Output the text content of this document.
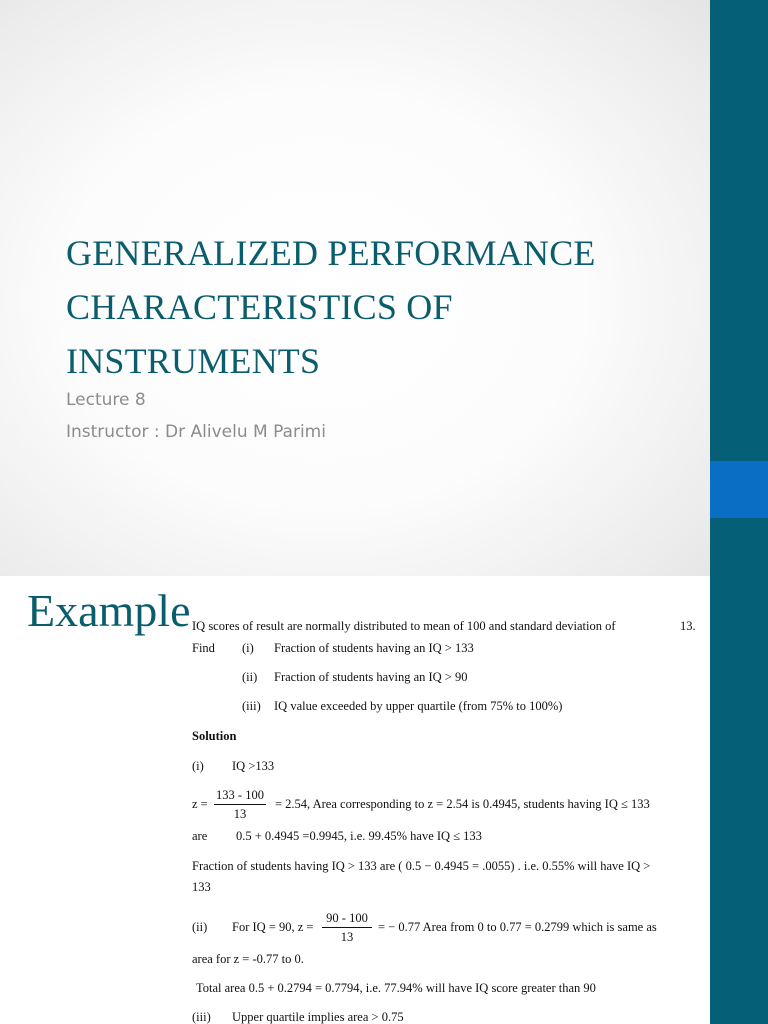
GENERALIZED PERFORMANCE
CHARACTERISTICS OF
INSTRUMENTS

Lecture 8

Instructor : Dr Alivelu M Parimi

Example IQ scores of result are normally distributed to mean of 100 and standard deviation of	13.

Find (i) Fraction of students having an IQ > 133

(ii) Fraction of students having an IQ > 90

(iii) IQ value exceeded by upper quartile (from 75% to 100%)

Solution

(i) IQ >133

$z = \frac{133 - 100}{13} = 2.54$, Area corresponding to z = 2.54 is 0.4945, students having IQ ≤ 133

are 0.5 + 0.4945 =0.9945, i.e. 99.45% have IQ ≤ 133

Fraction of students having IQ > 133 are ( 0.5 − 0.4945 = .0055) . i.e. 0.55% will have IQ >

133

(ii) For IQ = 90, $z = \frac{90 - 100}{13}$ = − 0.77 Area from 0 to 0.77 = 0.2799 which is same as

area for z = -0.77 to 0.

Total area 0.5 + 0.2794 = 0.7794, i.e. 77.94% will have IQ score greater than 90

(iii) Upper quartile implies area > 0.75
